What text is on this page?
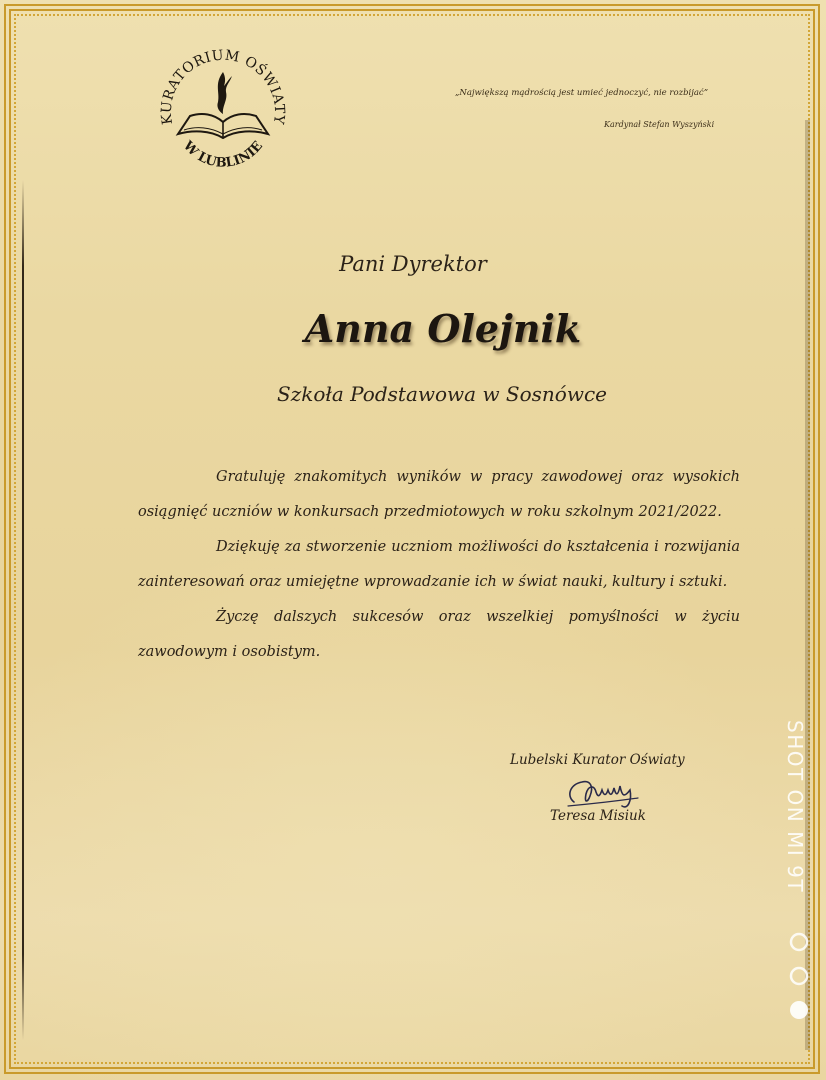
KURATORIUM OŚWIATY
W LUBLINIE
„Największą mądrością jest umieć jednoczyć, nie rozbijać”
Kardynał Stefan Wyszyński
Pani Dyrektor
Anna Olejnik
Szkoła Podstawowa w Sosnówce

Gratuluję znakomitych wyników w pracy zawodowej oraz wysokich osiągnięć uczniów w konkursach przedmiotowych w roku szkolnym 2021/2022.

Dziękuję za stworzenie uczniom możliwości do kształcenia i rozwijania zainteresowań oraz umiejętne wprowadzanie ich w świat nauki, kultury i sztuki.

Życzę dalszych sukcesów oraz wszelkiej pomyślności w życiu zawodowym i osobistym.

Lubelski Kurator Oświaty
Teresa Misiuk	SHOT ON MI 9T
